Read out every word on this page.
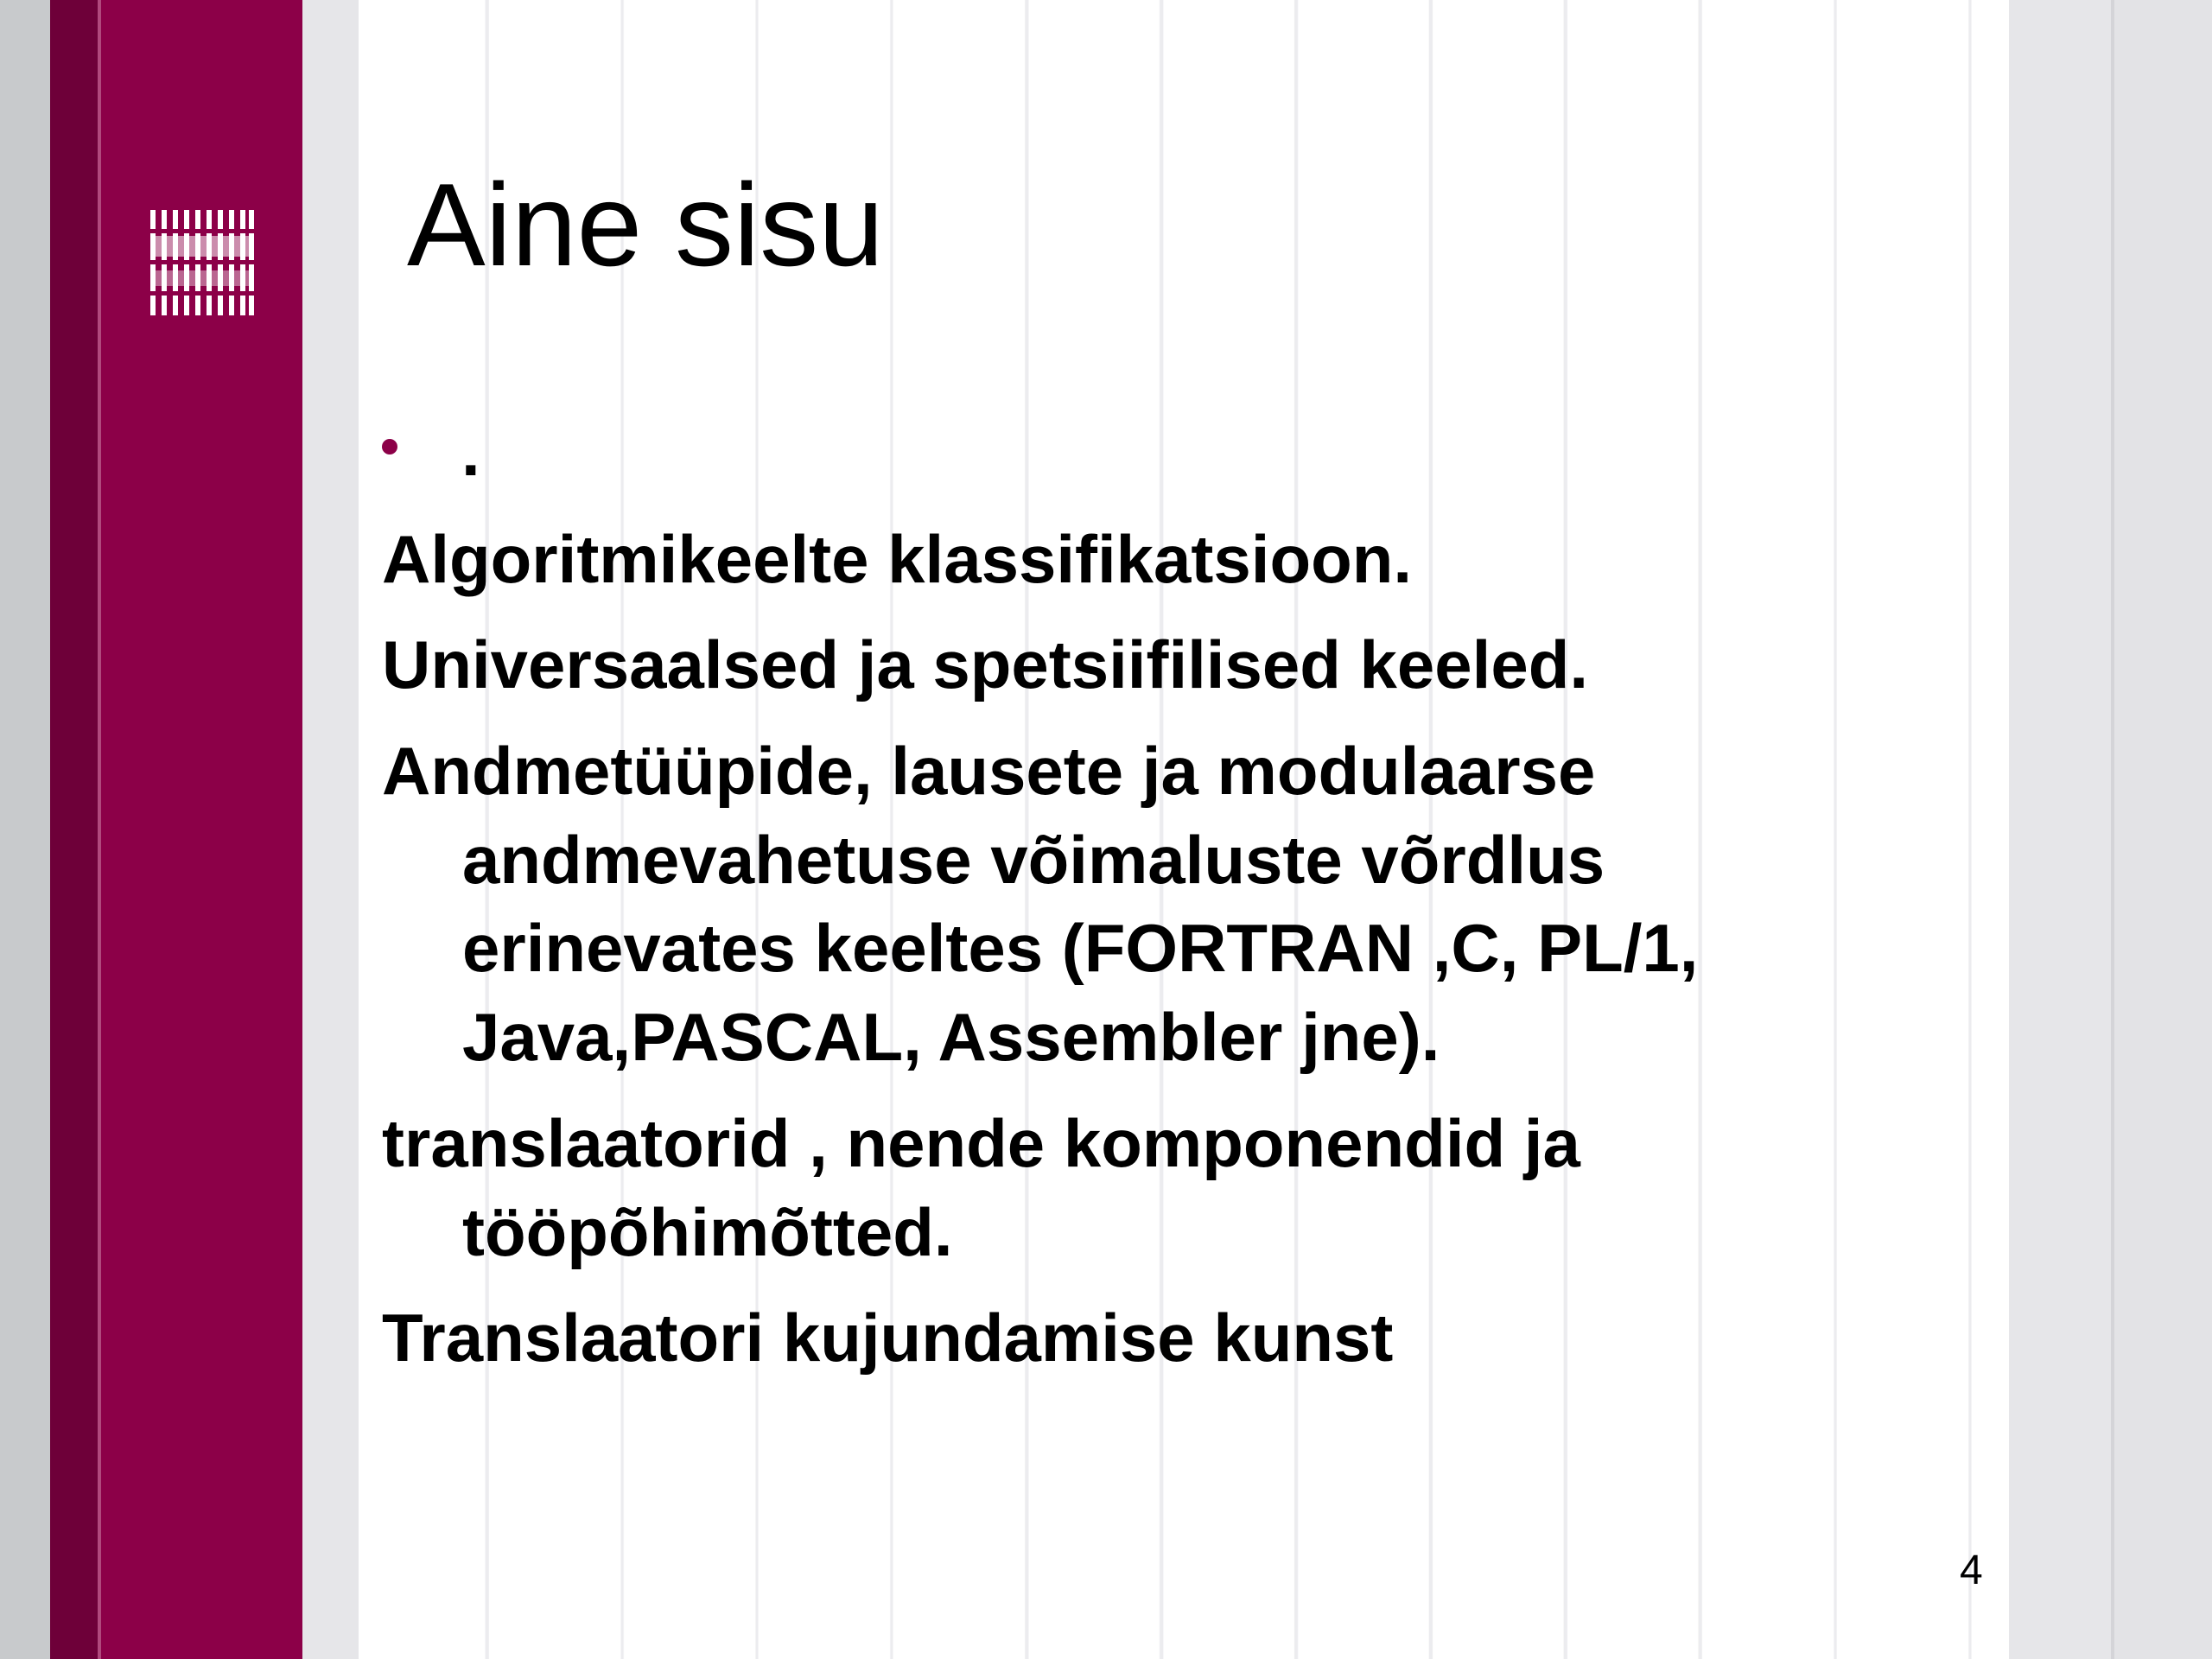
Aine sisu
.
Algoritmikeelte klassifikatsioon.
Universaalsed ja spetsiifilised keeled.
Andmetüüpide, lausete ja modulaarse
andmevahetuse võimaluste võrdlus
erinevates keeltes (FORTRAN ,C, PL/1,
Java,PASCAL, Assembler jne).
translaatorid , nende komponendid ja
tööpõhimõtted.
Translaatori kujundamise kunst
4
